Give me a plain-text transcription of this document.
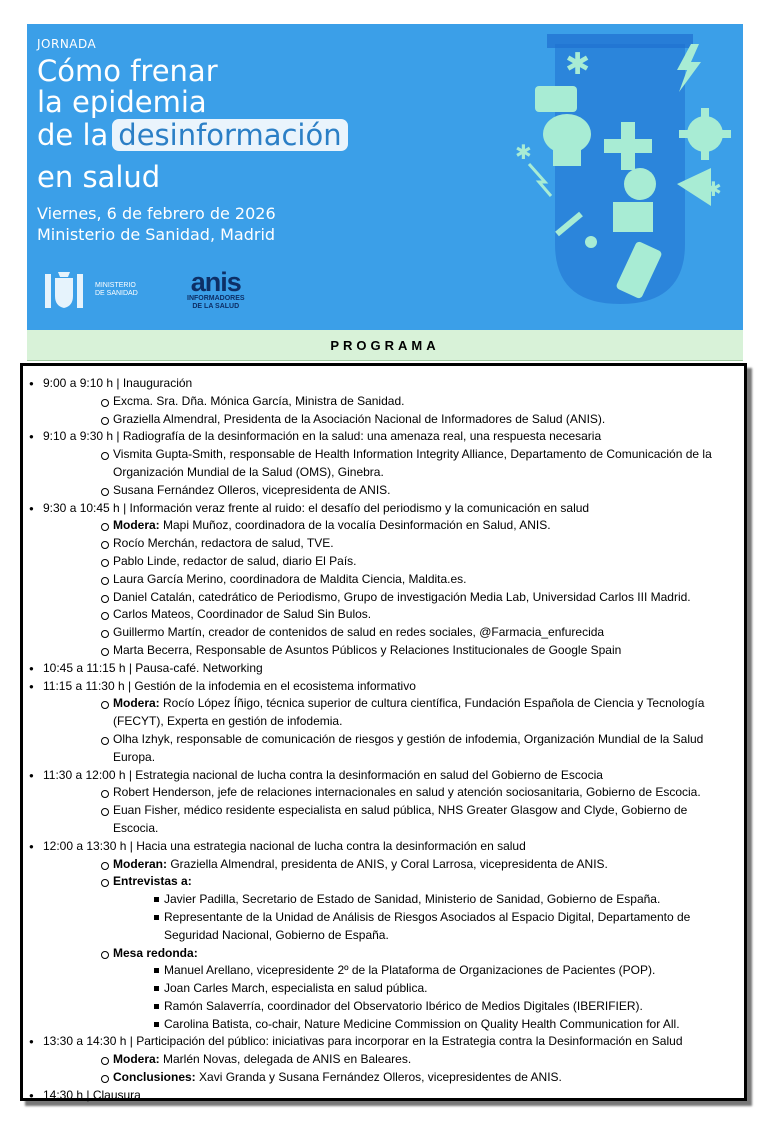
JORNADA
Cómo frenar
la epidemia
de la desinformación
en salud
Viernes, 6 de febrero de 2026
Ministerio de Sanidad, Madrid
MINISTERIO
DE SANIDAD anis
INFORMADORES
DE LA SALUD
✱
✱
✱
PROGRAMA
● 9:00 a 9:10 h | Inauguración
Excma. Sra. Dña. Mónica García, Ministra de Sanidad.
Graziella Almendral, Presidenta de la Asociación Nacional de Informadores de Salud (ANIS).
● 9:10 a 9:30 h | Radiografía de la desinformación en la salud: una amenaza real, una respuesta necesaria
Vismita Gupta-Smith, responsable de Health Information Integrity Alliance, Departamento de Comunicación de la Organización Mundial de la Salud (OMS), Ginebra.
Susana Fernández Olleros, vicepresidenta de ANIS.
● 9:30 a 10:45 h | Información veraz frente al ruido: el desafío del periodismo y la comunicación en salud
Modera: Mapi Muñoz, coordinadora de la vocalía Desinformación en Salud, ANIS.
Rocío Merchán, redactora de salud, TVE.
Pablo Linde, redactor de salud, diario El País.
Laura García Merino, coordinadora de Maldita Ciencia, Maldita.es.
Daniel Catalán, catedrático de Periodismo, Grupo de investigación Media Lab, Universidad Carlos III Madrid.
Carlos Mateos, Coordinador de Salud Sin Bulos.
Guillermo Martín, creador de contenidos de salud en redes sociales, @Farmacia_enfurecida
Marta Becerra, Responsable de Asuntos Públicos y Relaciones Institucionales de Google Spain
● 10:45 a 11:15 h | Pausa-café. Networking
● 11:15 a 11:30 h | Gestión de la infodemia en el ecosistema informativo
Modera: Rocío López Íñigo, técnica superior de cultura científica, Fundación Española de Ciencia y Tecnología (FECYT), Experta en gestión de infodemia.
Olha Izhyk, responsable de comunicación de riesgos y gestión de infodemia, Organización Mundial de la Salud Europa.
● 11:30 a 12:00 h | Estrategia nacional de lucha contra la desinformación en salud del Gobierno de Escocia
Robert Henderson, jefe de relaciones internacionales en salud y atención sociosanitaria, Gobierno de Escocia.
Euan Fisher, médico residente especialista en salud pública, NHS Greater Glasgow and Clyde, Gobierno de Escocia.
● 12:00 a 13:30 h | Hacia una estrategia nacional de lucha contra la desinformación en salud
Moderan: Graziella Almendral, presidenta de ANIS, y Coral Larrosa, vicepresidenta de ANIS.
Entrevistas a:
Javier Padilla, Secretario de Estado de Sanidad, Ministerio de Sanidad, Gobierno de España.
Representante de la Unidad de Análisis de Riesgos Asociados al Espacio Digital, Departamento de Seguridad Nacional, Gobierno de España.
Mesa redonda:
Manuel Arellano, vicepresidente 2º de la Plataforma de Organizaciones de Pacientes (POP).
Joan Carles March, especialista en salud pública.
Ramón Salaverría, coordinador del Observatorio Ibérico de Medios Digitales (IBERIFIER).
Carolina Batista, co-chair, Nature Medicine Commission on Quality Health Communication for All.
● 13:30 a 14:30 h | Participación del público: iniciativas para incorporar en la Estrategia contra la Desinformación en Salud
Modera: Marlén Novas, delegada de ANIS en Baleares.
Conclusiones: Xavi Granda y Susana Fernández Olleros, vicepresidentes de ANIS.
● 14:30 h | Clausura
